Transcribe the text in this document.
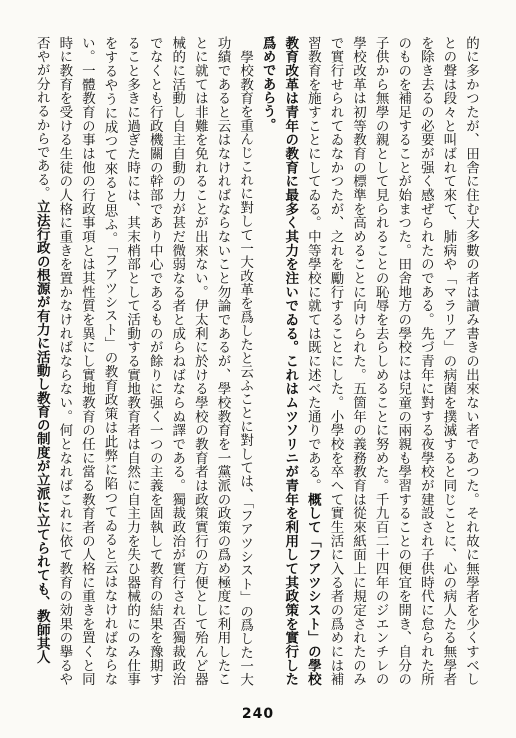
的に多かつたが、田舎に住む大多數の者は讀み書きの出來ない者であつた。それ故に無學者を少くすべしとの聲は段々と叫ばれて來て、肺病や「マラリア」の病菌を撲滅すると同じことに、心の病人たる無學者を除き去るの必要が强く感ぜられたのである。先づ青年に對する夜學校が建設され子供時代に怠られた所のものを補足することが始まつた。田舍地方の學校には兒童の兩親も學習することの便宜を開き、自分の子供から無學の親として見られることの恥辱を去らしめることに努めた。千九百二十四年のジエンチレの學校改革は初等教育の標準を高めることに向けられた。五箇年の義務教育は從來紙面上に規定されたのみで實行せられてゐなかつたが、之れを勵行することにした。小學校を卒へて實生活に入る者の爲めには補習教育を施すことにしてゐる。中等學校に就ては既に述べた通りである。概して「フアツシスト」の學校教育改革は青年の教育に最多く其力を注いでゐる。これはムツソリニが青年を利用して其政策を實行した爲めであらう。

學校教育を重んじこれに對して一大改革を爲したと云ふことに對しては、「フアツシスト」の爲した一大功績であると云はなければならないこと勿論であるが、學校教育を一黨派の政策の爲め極度に利用したことに就ては非難を免れることが出來ない。伊太利に於ける學校の教育者は政策實行の方便として殆んど器械的に活動し自主自動の力が甚だ微弱なる者と成らねばならぬ譯である。獨裁政治が實行され否獨裁政治でなくとも行政機關の幹部であり中心であるものが餘りに强く一つの主義を固執して教育の結果を豫期すること多きに過ぎた時には、其末梢部として活動する實地教育者は自然に自主力を失ひ器械的にのみ仕事をするやうに成つて來ると思ふ。「フアツシスト」の教育政策は此弊に陷つてゐると云はなければならない。一體教育の事は他の行政事項とは其性質を異にし實地教育の任に當る教育者の人格に重きを置くと同時に教育を受ける生徒の人格に重きを置かなければならない。何となればこれに依て教育の効果の擧るや否やが分れるからである。立法行政の根源が有力に活動し教育の制度が立派に立てられても、教師其人

240
